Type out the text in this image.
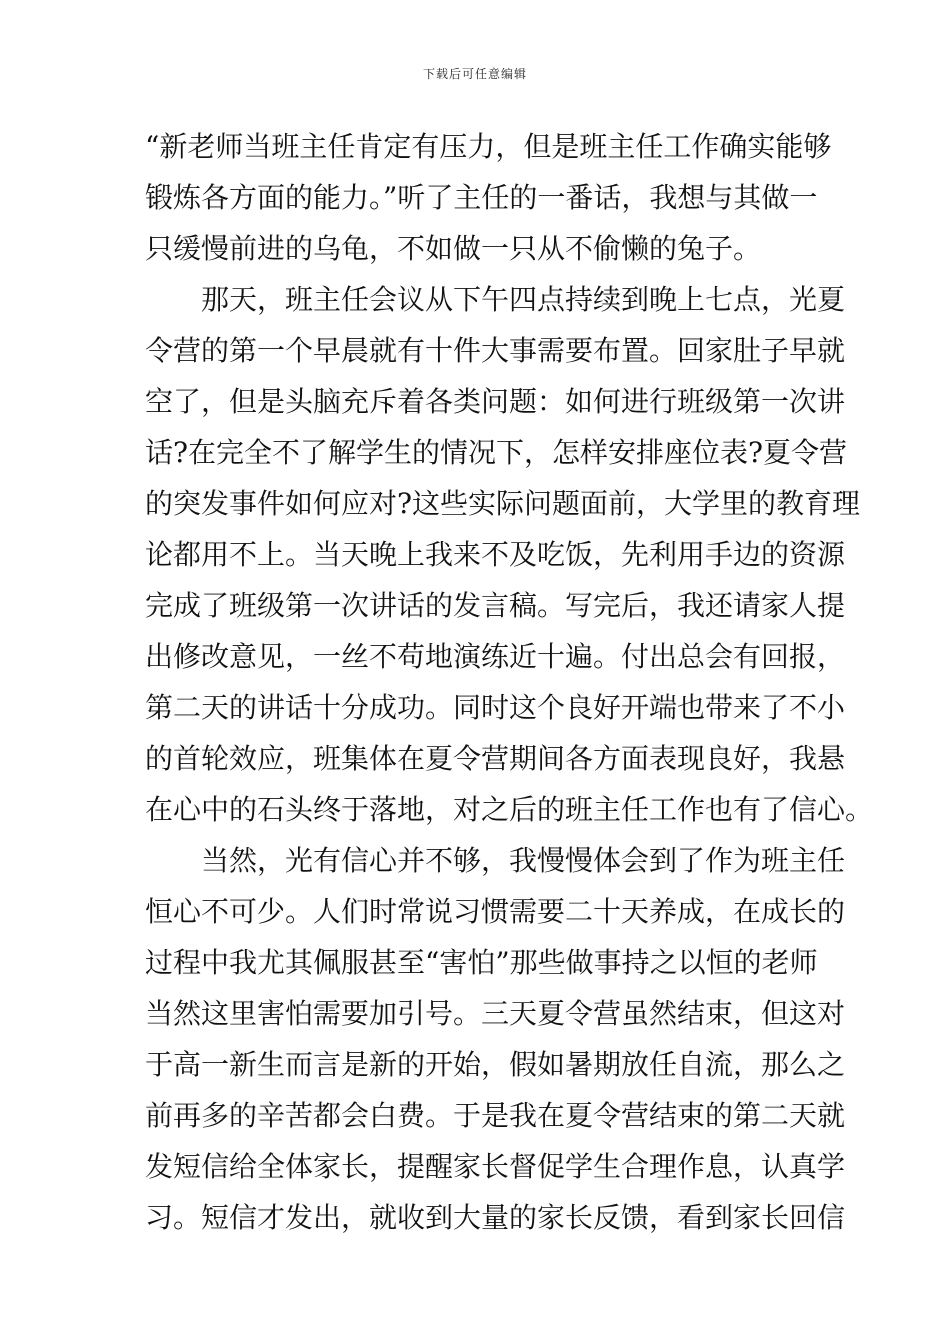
下载后可任意编辑
“新老师当班主任肯定有压力，但是班主任工作确实能够
锻炼各方面的能力。”听了主任的一番话，我想与其做一
只缓慢前进的乌龟，不如做一只从不偷懒的兔子。
那天，班主任会议从下午四点持续到晚上七点，光夏
令营的第一个早晨就有十件大事需要布置。回家肚子早就
空了，但是头脑充斥着各类问题：如何进行班级第一次讲
话?在完全不了解学生的情况下，怎样安排座位表?夏令营
的突发事件如何应对?这些实际问题面前，大学里的教育理
论都用不上。当天晚上我来不及吃饭，先利用手边的资源
完成了班级第一次讲话的发言稿。写完后，我还请家人提
出修改意见，一丝不苟地演练近十遍。付出总会有回报，
第二天的讲话十分成功。同时这个良好开端也带来了不小
的首轮效应，班集体在夏令营期间各方面表现良好，我悬
在心中的石头终于落地，对之后的班主任工作也有了信心。
当然，光有信心并不够，我慢慢体会到了作为班主任
恒心不可少。人们时常说习惯需要二十天养成，在成长的
过程中我尤其佩服甚至“害怕”那些做事持之以恒的老师
当然这里害怕需要加引号。三天夏令营虽然结束，但这对
于高一新生而言是新的开始，假如暑期放任自流，那么之
前再多的辛苦都会白费。于是我在夏令营结束的第二天就
发短信给全体家长，提醒家长督促学生合理作息，认真学
习。短信才发出，就收到大量的家长反馈，看到家长回信
